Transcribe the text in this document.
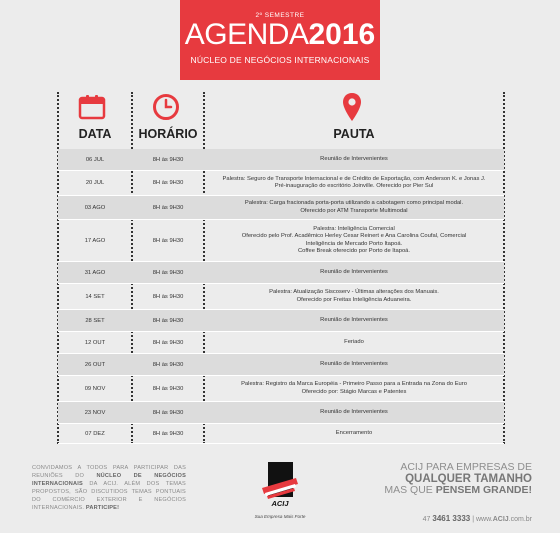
2º SEMESTRE
AGENDA2016
NÚCLEO DE NEGÓCIOS INTERNACIONAIS
DATA	HORÁRIO	PAUTA
06 JUL	8H às 9H30	Reunião de Intervenientes
20 JUL	8H às 9H30
Palestra: Seguro de Transporte Internacional e de Crédito de Exportação, com Anderson K. e Jonas J.
Pré-inauguração do escritório Joinville. Oferecido por Pier Sul
03 AGO	8H às 9H30
Palestra: Carga fracionada porta-porta utilizando a cabotagem como principal modal.
Oferecido por ATM Transporte Multimodal
17 AGO	8H às 9H30
Palestra: Inteligência Comercial
Oferecido pelo Prof. Acadêmico Herley Cesar Reinert e Ana Carolina Coufal, Comercial
Inteligência de Mercado Porto Itapoá.
Coffee Break oferecido por Porto de Itapoá.
31 AGO	8H às 9H30	Reunião de Intervenientes
14 SET	8H às 9H30
Palestra: Atualização Siscoserv - Últimas alterações dos Manuais.
Oferecido por Freitas Inteligência Aduaneira.
28 SET	8H às 9H30	Reunião de Intervenientes
12 OUT	8H às 9H30	Feriado
26 OUT	8H às 9H30	Reunião de Intervenientes
09 NOV	8H às 9H30
Palestra: Registro da Marca Européia - Primeiro Passo para a Entrada na Zona do Euro
Oferecido por: Stágio Marcas e Patentes
23 NOV	8H às 9H30	Reunião de Intervenientes
07 DEZ	8H às 9H30	Encerramento
CONVIDAMOS A TODOS PARA PARTICIPAR DAS REUNIÕES DO NÚCLEO DE NEGÓCIOS INTERNACIONAIS DA ACIJ. ALÉM DOS TEMAS PROPOSTOS, SÃO DISCUTIDOS TEMAS PONTUAIS DO COMÉRCIO EXTERIOR E NEGÓCIOS INTERNACIONAIS. PARTICIPE!	ACIJ
Sua Empresa Mais Forte
ACIJ PARA EMPRESAS DE
QUALQUER TAMANHO
MAS QUE PENSEM GRANDE!
47 3461 3333 | www.ACIJ.com.br
